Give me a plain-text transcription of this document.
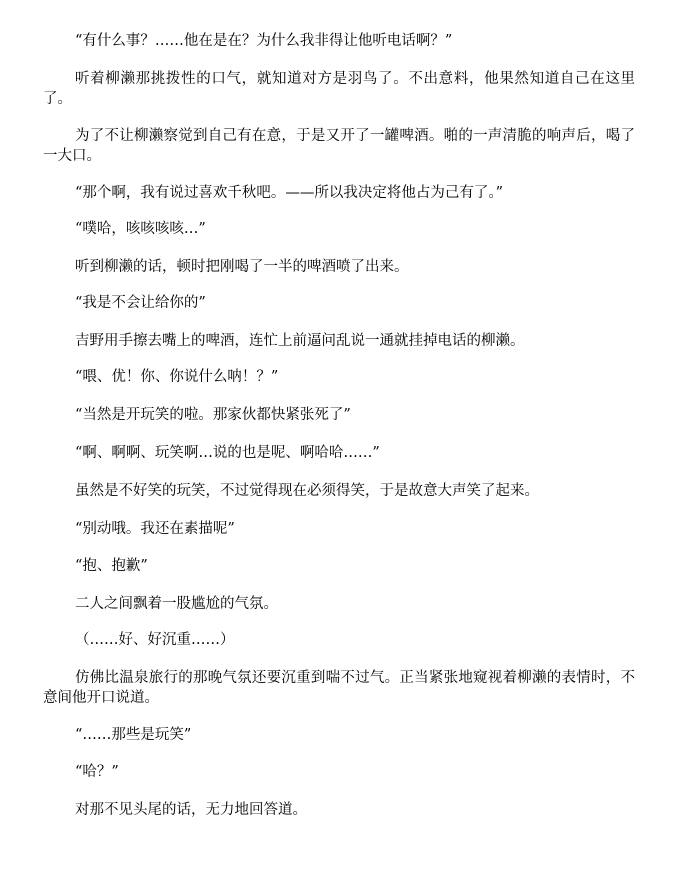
“有什么事？……他在是在？为什么我非得让他听电话啊？”

听着柳濑那挑拨性的口气，就知道对方是羽鸟了。不出意料，他果然知道自己在这里了。

为了不让柳濑察觉到自己有在意，于是又开了一罐啤酒。啪的一声清脆的响声后，喝了一大口。

“那个啊，我有说过喜欢千秋吧。——所以我决定将他占为己有了。”

“噗哈，咳咳咳咳…”

听到柳濑的话，顿时把刚喝了一半的啤酒喷了出来。

“我是不会让给你的”

吉野用手擦去嘴上的啤酒，连忙上前逼问乱说一通就挂掉电话的柳濑。

“喂、优！你、你说什么呐！？”

“当然是开玩笑的啦。那家伙都快紧张死了”

“啊、啊啊、玩笑啊…说的也是呢、啊哈哈……”

虽然是不好笑的玩笑，不过觉得现在必须得笑，于是故意大声笑了起来。

“别动哦。我还在素描呢”

“抱、抱歉”

二人之间飘着一股尴尬的气氛。

（……好、好沉重……）

仿佛比温泉旅行的那晚气氛还要沉重到喘不过气。正当紧张地窥视着柳濑的表情时，不意间他开口说道。

“……那些是玩笑”

“哈？”

对那不见头尾的话，无力地回答道。
